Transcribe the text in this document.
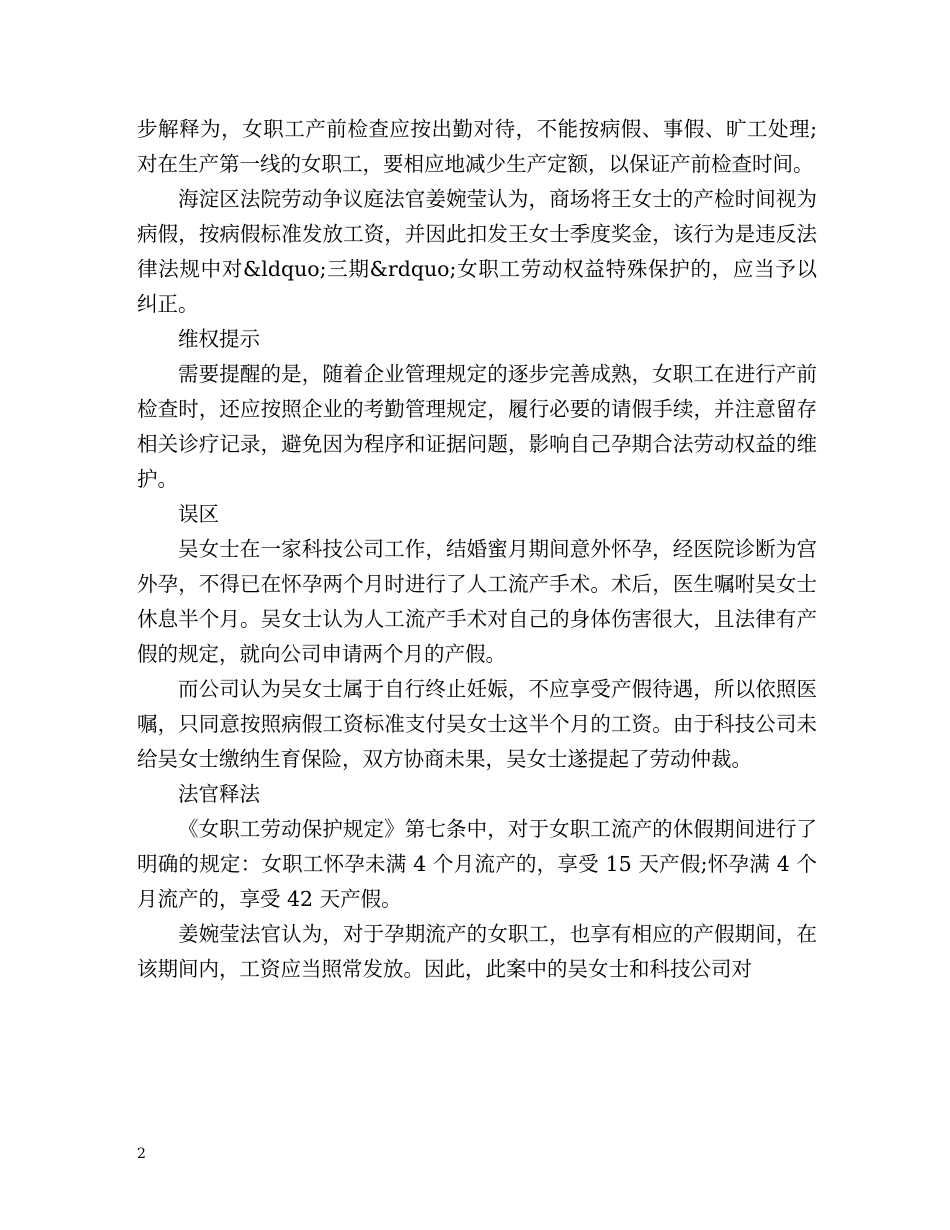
步解释为，女职工产前检查应按出勤对待，不能按病假、事假、旷工处理;对在生产第一线的女职工，要相应地减少生产定额，以保证产前检查时间。

海淀区法院劳动争议庭法官姜婉莹认为，商场将王女士的产检时间视为病假，按病假标准发放工资，并因此扣发王女士季度奖金，该行为是违反法律法规中对&ldquo;三期&rdquo;女职工劳动权益特殊保护的，应当予以纠正。

维权提示

需要提醒的是，随着企业管理规定的逐步完善成熟，女职工在进行产前检查时，还应按照企业的考勤管理规定，履行必要的请假手续，并注意留存相关诊疗记录，避免因为程序和证据问题，影响自己孕期合法劳动权益的维护。

误区

吴女士在一家科技公司工作，结婚蜜月期间意外怀孕，经医院诊断为宫外孕，不得已在怀孕两个月时进行了人工流产手术。术后，医生嘱咐吴女士休息半个月。吴女士认为人工流产手术对自己的身体伤害很大，且法律有产假的规定，就向公司申请两个月的产假。

而公司认为吴女士属于自行终止妊娠，不应享受产假待遇，所以依照医嘱，只同意按照病假工资标准支付吴女士这半个月的工资。由于科技公司未给吴女士缴纳生育保险，双方协商未果，吴女士遂提起了劳动仲裁。

法官释法

《女职工劳动保护规定》第七条中，对于女职工流产的休假期间进行了明确的规定：女职工怀孕未满 4 个月流产的，享受 15 天产假;怀孕满 4 个月流产的，享受 42 天产假。

姜婉莹法官认为，对于孕期流产的女职工，也享有相应的产假期间，在该期间内，工资应当照常发放。因此，此案中的吴女士和科技公司对

2
